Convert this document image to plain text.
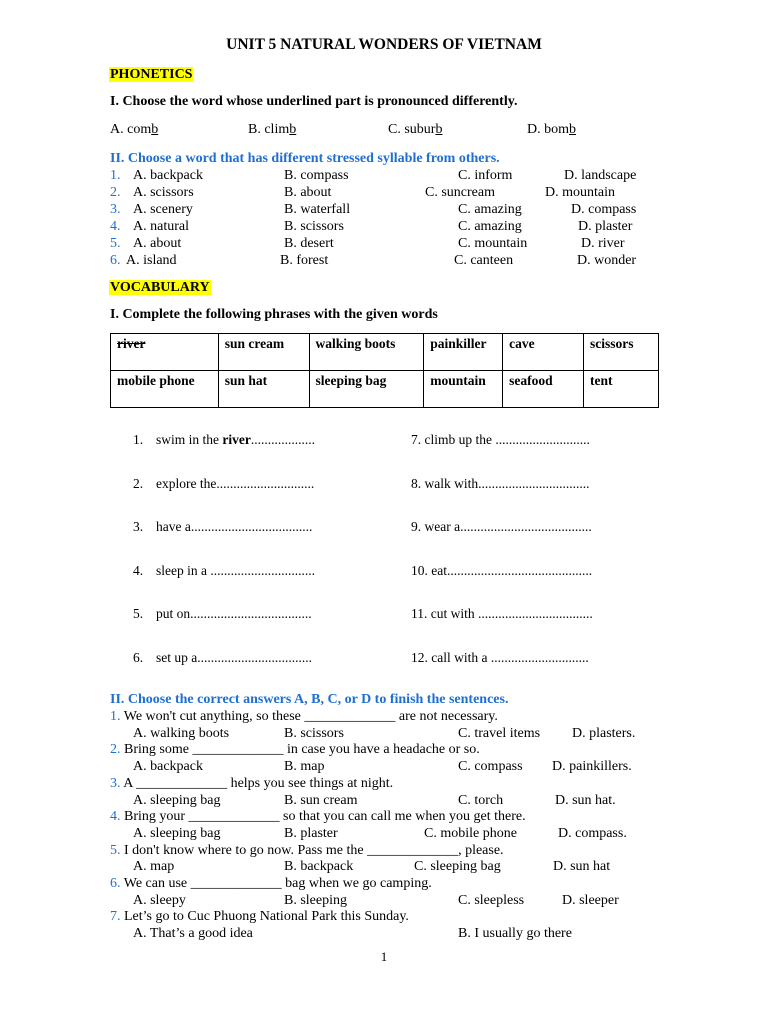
UNIT 5 NATURAL WONDERS OF VIETNAM
PHONETICS
I. Choose the word whose underlined part is pronounced differently.
A. comb	B. climb	C. suburb	D. bomb
II. Choose a word that has different stressed syllable from others.
1. A. backpack	B. compass	C. inform	D. landscape
2. A. scissors	B. about	C. suncream	D. mountain
3. A. scenery	B. waterfall	C. amazing	D. compass
4. A. natural	B. scissors	C. amazing	D. plaster
5. A. about	B. desert	C. mountain	D. river
6. A. island	B. forest	C. canteen	D. wonder
VOCABULARY
I. Complete the following phrases with the given words
river	sun cream	walking boots	painkiller	cave	scissors
mobile phone	sun hat	sleeping bag	mountain	seafood	tent
1. swim in the river...................
2. explore the.............................
3. have a....................................
4. sleep in a ...............................
5. put on....................................
6. set up a..................................
7. climb up the ............................
8. walk with.................................
9. wear a.......................................
10. eat...........................................
11. cut with ..................................
12. call with a .............................
II. Choose the correct answers A, B, C, or D to finish the sentences.
1. We won't cut anything, so these _____________ are not necessary.
A. walking boots	B. scissors	C. travel items D. plasters.
2. Bring some _____________ in case you have a headache or so.
A. backpack	B. map	C. compass D. painkillers.
3. A _____________ helps you see things at night.
A. sleeping bag	B. sun cream	C. torch	D. sun hat.
4. Bring your _____________ so that you can call me when you get there.
A. sleeping bag	B. plaster	C. mobile phone	D. compass.
5. I don't know where to go now. Pass me the _____________, please.
A. map	B. backpack	C. sleeping bag	D. sun hat
6. We can use _____________ bag when we go camping.
A. sleepy	B. sleeping	C. sleepless	D. sleeper
7. Let’s go to Cuc Phuong National Park this Sunday.
A. That’s a good idea	B. I usually go there
1
